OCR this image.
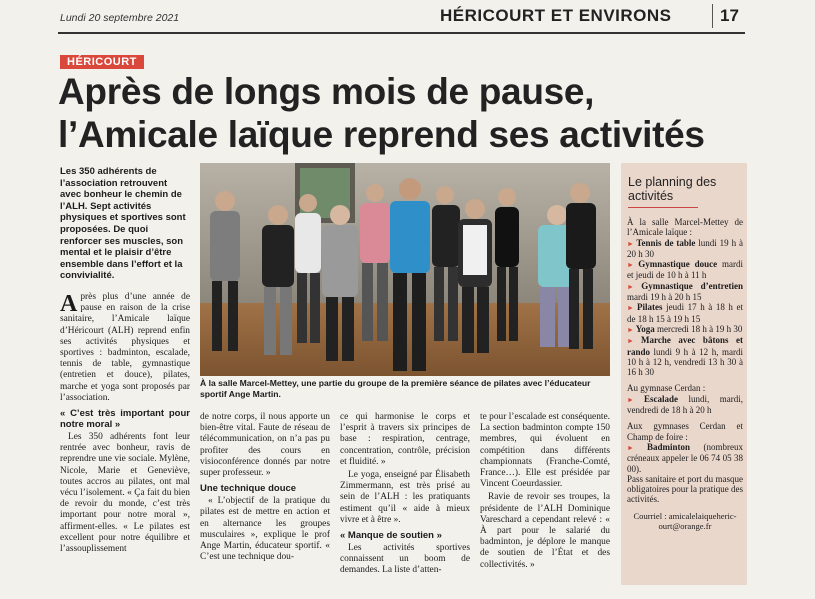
Lundi 20 septembre 2021	HÉRICOURT ET ENVIRONS	17
HÉRICOURT
Après de longs mois de pause,
l’Amicale laïque reprend ses activités
Les 350 adhérents de l’association retrouvent avec bonheur le chemin de l’ALH. Sept activités physiques et sportives sont proposées. De quoi renforcer ses muscles, son mental et le plaisir d’être ensemble dans l’effort et la convivialité.

Après plus d’une année de pause en raison de la crise sanitaire, l’Amicale laïque d’Héricourt (ALH) reprend enfin ses activités physiques et sportives : badminton, escalade, tennis de table, gymnastique (entretien et douce), pilates, marche et yoga sont proposés par l’association.

« C’est très important pour notre moral »

Les 350 adhérents font leur rentrée avec bonheur, ravis de reprendre une vie sociale. Mylène, Nicole, Marie et Geneviève, toutes accros au pilates, ont mal vécu l’isolement. « Ça fait du bien de revoir du monde, c’est très important pour notre moral », affirment-elles. « Le pilates est excellent pour notre équilibre et l’assouplissement

À la salle Marcel-Mettey, une partie du groupe de la première séance de pilates avec l’éducateur sportif Ange Martin.

de notre corps, il nous apporte un bien-être vital. Faute de réseau de télécommunication, on n’a pas pu profiter des cours en visioconférence donnés par notre super professeur. »

Une technique douce

« L’objectif de la pratique du pilates est de mettre en action et en alternance les groupes musculaires », explique le prof Ange Martin, éducateur sportif. « C’est une technique dou-

ce qui harmonise le corps et l’esprit à travers six principes de base : respiration, centrage, concentration, contrôle, précision et fluidité. »

Le yoga, enseigné par Élisabeth Zimmermann, est très prisé au sein de l’ALH : les pratiquants estiment qu’il « aide à mieux vivre et à être ».

« Manque de soutien »

Les activités sportives connaissent un boom de demandes. La liste d’atten-

te pour l’escalade est conséquente. La section badminton compte 150 membres, qui évoluent en compétition dans différents championnats (Franche-Comté, France…). Elle est présidée par Vincent Coeurdassier.

Ravie de revoir ses troupes, la présidente de l’ALH Dominique Vareschard a cependant relevé : « À part pour le salarié du badminton, je déplore le manque de soutien de l’État et des collectivités. »

Le planning des activités

À la salle Marcel-Mettey de l’Amicale laïque :

► Tennis de table lundi 19 h à 20 h 30

► Gymnastique douce mardi et jeudi de 10 h à 11 h

► Gymnastique d’entretien mardi 19 h à 20 h 15

► Pilates jeudi 17 h à 18 h et de 18 h 15 à 19 h 15

► Yoga mercredi 18 h à 19 h 30

► Marche avec bâtons et rando lundi 9 h à 12 h, mardi 10 h à 12 h, vendredi 13 h 30 à 16 h 30

Au gymnase Cerdan :

► Escalade lundi, mardi, vendredi de 18 h à 20 h

Aux gymnases Cerdan et Champ de foire :

► Badminton (nombreux créneaux appeler le 06 74 05 38 00).

Pass sanitaire et port du masque obligatoires pour la pratique des activités.

Courriel : amicalelaiquehericourt@orange.fr
